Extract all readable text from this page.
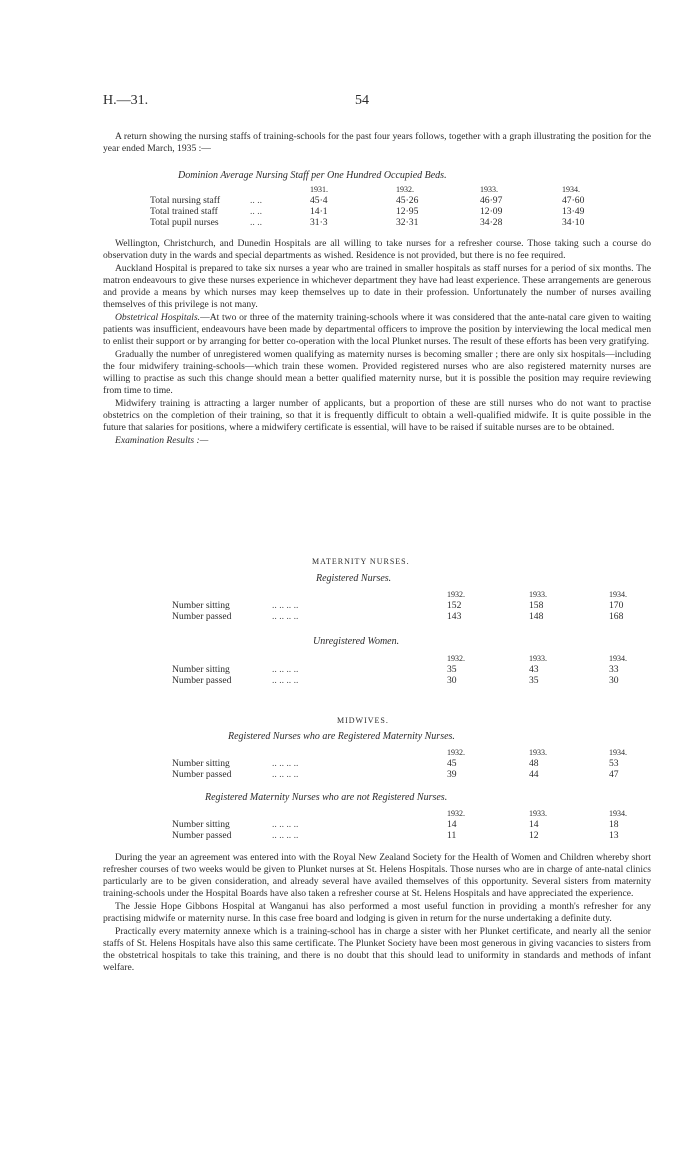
H.—31.	54

A return showing the nursing staffs of training-schools for the past four years follows, together with a graph illustrating the position for the year ended March, 1935 :—

Dominion Average Nursing Staff per One Hundred Occupied Beds.
		1931.	1932.	1933.	1934.
Total nursing staff	.. ..	45·4	45·26	46·97	47·60
Total trained staff	.. ..	14·1	12·95	12·09	13·49
Total pupil nurses	.. ..	31·3	32·31	34·28	34·10

Wellington, Christchurch, and Dunedin Hospitals are all willing to take nurses for a refresher course. Those taking such a course do observation duty in the wards and special departments as wished. Residence is not provided, but there is no fee required.

Auckland Hospital is prepared to take six nurses a year who are trained in smaller hospitals as staff nurses for a period of six months. The matron endeavours to give these nurses experience in whichever department they have had least experience. These arrangements are generous and provide a means by which nurses may keep themselves up to date in their profession. Unfortunately the number of nurses availing themselves of this privilege is not many.

Obstetrical Hospitals.—At two or three of the maternity training-schools where it was considered that the ante-natal care given to waiting patients was insufficient, endeavours have been made by departmental officers to improve the position by interviewing the local medical men to enlist their support or by arranging for better co-operation with the local Plunket nurses. The result of these efforts has been very gratifying.

Gradually the number of unregistered women qualifying as maternity nurses is becoming smaller ; there are only six hospitals—including the four midwifery training-schools—which train these women. Provided registered nurses who are also registered maternity nurses are willing to practise as such this change should mean a better qualified maternity nurse, but it is possible the position may require reviewing from time to time.

Midwifery training is attracting a larger number of applicants, but a proportion of these are still nurses who do not want to practise obstetrics on the completion of their training, so that it is frequently difficult to obtain a well-qualified midwife. It is quite possible in the future that salaries for positions, where a midwifery certificate is essential, will have to be raised if suitable nurses are to be obtained.

Examination Results :—

MATERNITY NURSES.
Registered Nurses.
		1932.	1933.	1934.
Number sitting	.. .. .. ..	152	158	170
Number passed	.. .. .. ..	143	148	168
Unregistered Women.
		1932.	1933.	1934.
Number sitting	.. .. .. ..	35	43	33
Number passed	.. .. .. ..	30	35	30
MIDWIVES.
Registered Nurses who are Registered Maternity Nurses.
		1932.	1933.	1934.
Number sitting	.. .. .. ..	45	48	53
Number passed	.. .. .. ..	39	44	47
Registered Maternity Nurses who are not Registered Nurses.
		1932.	1933.	1934.
Number sitting	.. .. .. ..	14	14	18
Number passed	.. .. .. ..	11	12	13

During the year an agreement was entered into with the Royal New Zealand Society for the Health of Women and Children whereby short refresher courses of two weeks would be given to Plunket nurses at St. Helens Hospitals. Those nurses who are in charge of ante-natal clinics particularly are to be given consideration, and already several have availed themselves of this opportunity. Several sisters from maternity training-schools under the Hospital Boards have also taken a refresher course at St. Helens Hospitals and have appreciated the experience.

The Jessie Hope Gibbons Hospital at Wanganui has also performed a most useful function in providing a month's refresher for any practising midwife or maternity nurse. In this case free board and lodging is given in return for the nurse undertaking a definite duty.

Practically every maternity annexe which is a training-school has in charge a sister with her Plunket certificate, and nearly all the senior staffs of St. Helens Hospitals have also this same certificate. The Plunket Society have been most generous in giving vacancies to sisters from the obstetrical hospitals to take this training, and there is no doubt that this should lead to uniformity in standards and methods of infant welfare.
